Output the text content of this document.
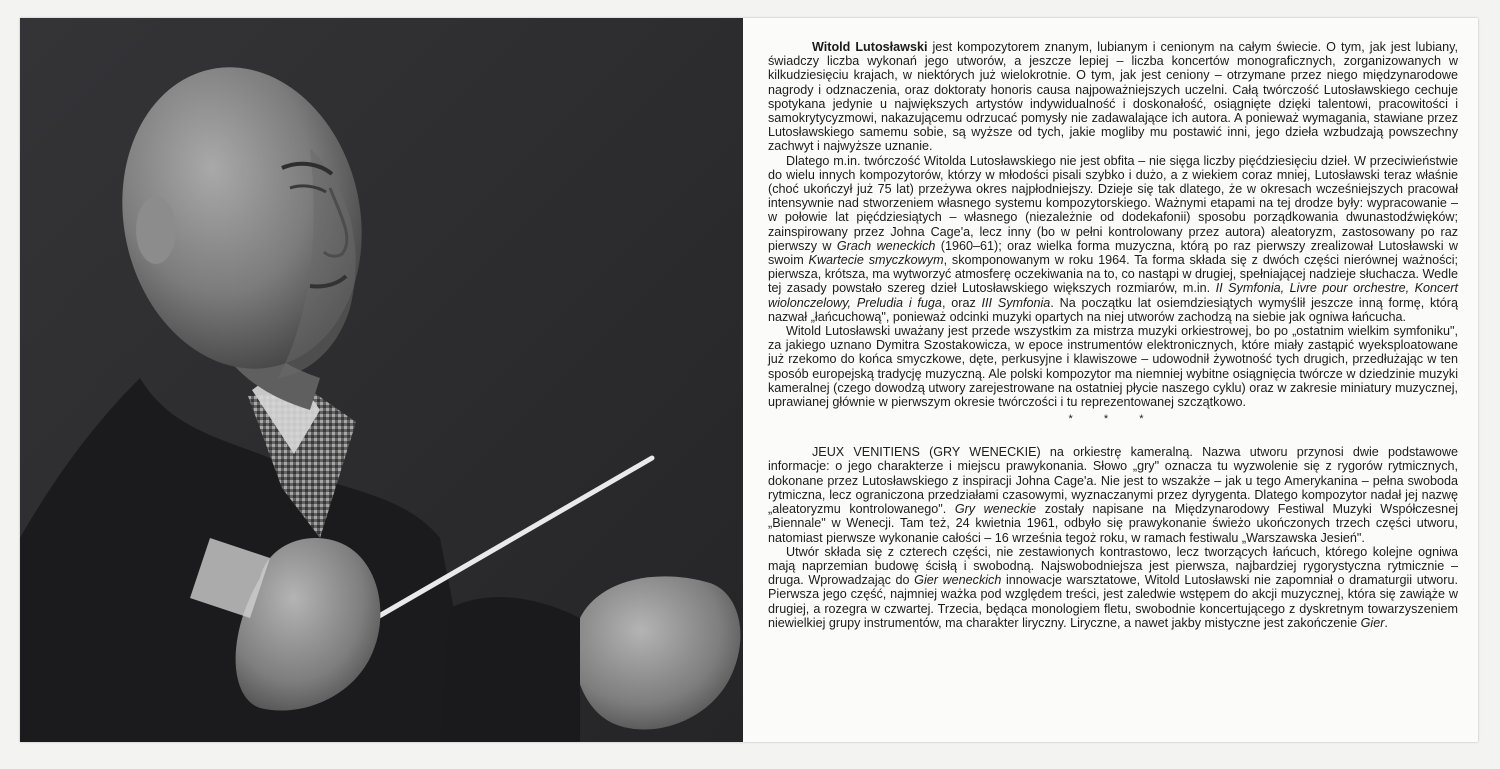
Witold Lutosławski jest kompozytorem znanym, lubianym i cenionym na całym świecie. O tym, jak jest lubiany, świadczy liczba wykonań jego utworów, a jeszcze lepiej – liczba koncertów monograficznych, zorganizowanych w kilkudziesięciu krajach, w niektórych już wielokrotnie. O tym, jak jest ceniony – otrzymane przez niego międzynarodowe nagrody i odznaczenia, oraz doktoraty honoris causa najpoważniejszych uczelni. Całą twórczość Lutosławskiego cechuje spotykana jedynie u największych artystów indywidualność i doskonałość, osiągnięte dzięki talentowi, pracowitości i samokrytycyzmowi, nakazującemu odrzucać pomysły nie zadawalające ich autora. A ponieważ wymagania, stawiane przez Lutosławskiego samemu sobie, są wyższe od tych, jakie mogliby mu postawić inni, jego dzieła wzbudzają powszechny zachwyt i najwyższe uznanie.

Dlatego m.in. twórczość Witolda Lutosławskiego nie jest obfita – nie sięga liczby pięćdziesięciu dzieł. W przeciwieństwie do wielu innych kompozytorów, którzy w młodości pisali szybko i dużo, a z wiekiem coraz mniej, Lutosławski teraz właśnie (choć ukończył już 75 lat) przeżywa okres najpłodniejszy. Dzieje się tak dlatego, że w okresach wcześniejszych pracował intensywnie nad stworzeniem własnego systemu kompozytorskiego. Ważnymi etapami na tej drodze były: wypracowanie – w połowie lat pięćdziesiątych – własnego (niezależnie od dodekafonii) sposobu porządkowania dwunastodźwięków; zainspirowany przez Johna Cage'a, lecz inny (bo w pełni kontrolowany przez autora) aleatoryzm, zastosowany po raz pierwszy w Grach weneckich (1960–61); oraz wielka forma muzyczna, którą po raz pierwszy zrealizował Lutosławski w swoim Kwartecie smyczkowym, skomponowanym w roku 1964. Ta forma składa się z dwóch części nierównej ważności; pierwsza, krótsza, ma wytworzyć atmosferę oczekiwania na to, co nastąpi w drugiej, spełniającej nadzieje słuchacza. Wedle tej zasady powstało szereg dzieł Lutosławskiego większych rozmiarów, m.in. II Symfonia, Livre pour orchestre, Koncert wiolonczelowy, Preludia i fuga, oraz III Symfonia. Na początku lat osiemdziesiątych wymyślił jeszcze inną formę, którą nazwał „łańcuchową", ponieważ odcinki muzyki opartych na niej utworów zachodzą na siebie jak ogniwa łańcucha.

Witold Lutosławski uważany jest przede wszystkim za mistrza muzyki orkiestrowej, bo po „ostatnim wielkim symfoniku", za jakiego uznano Dymitra Szostakowicza, w epoce instrumentów elektronicznych, które miały zastąpić wyeksploatowane już rzekomo do końca smyczkowe, dęte, perkusyjne i klawiszowe – udowodnił żywotność tych drugich, przedłużając w ten sposób europejską tradycję muzyczną. Ale polski kompozytor ma niemniej wybitne osiągnięcia twórcze w dziedzinie muzyki kameralnej (czego dowodzą utwory zarejestrowane na ostatniej płycie naszego cyklu) oraz w zakresie miniatury muzycznej, uprawianej głównie w pierwszym okresie twórczości i tu reprezentowanej szczątkowo.

* * *

JEUX VENITIENS (GRY WENECKIE) na orkiestrę kameralną. Nazwa utworu przynosi dwie podstawowe informacje: o jego charakterze i miejscu prawykonania. Słowo „gry" oznacza tu wyzwolenie się z rygorów rytmicznych, dokonane przez Lutosławskiego z inspiracji Johna Cage'a. Nie jest to wszakże – jak u tego Amerykanina – pełna swoboda rytmiczna, lecz ograniczona przedziałami czasowymi, wyznaczanymi przez dyrygenta. Dlatego kompozytor nadał jej nazwę „aleatoryzmu kontrolowanego". Gry weneckie zostały napisane na Międzynarodowy Festiwal Muzyki Współczesnej „Biennale" w Wenecji. Tam też, 24 kwietnia 1961, odbyło się prawykonanie świeżo ukończonych trzech części utworu, natomiast pierwsze wykonanie całości – 16 września tegoż roku, w ramach festiwalu „Warszawska Jesień".

Utwór składa się z czterech części, nie zestawionych kontrastowo, lecz tworzących łańcuch, którego kolejne ogniwa mają naprzemian budowę ścisłą i swobodną. Najswobodniejsza jest pierwsza, najbardziej rygorystyczna rytmicznie – druga. Wprowadzając do Gier weneckich innowacje warsztatowe, Witold Lutosławski nie zapomniał o dramaturgii utworu. Pierwsza jego część, najmniej ważka pod względem treści, jest zaledwie wstępem do akcji muzycznej, która się zawiąże w drugiej, a rozegra w czwartej. Trzecia, będąca monologiem fletu, swobodnie koncertującego z dyskretnym towarzyszeniem niewielkiej grupy instrumentów, ma charakter liryczny. Liryczne, a nawet jakby mistyczne jest zakończenie Gier.
